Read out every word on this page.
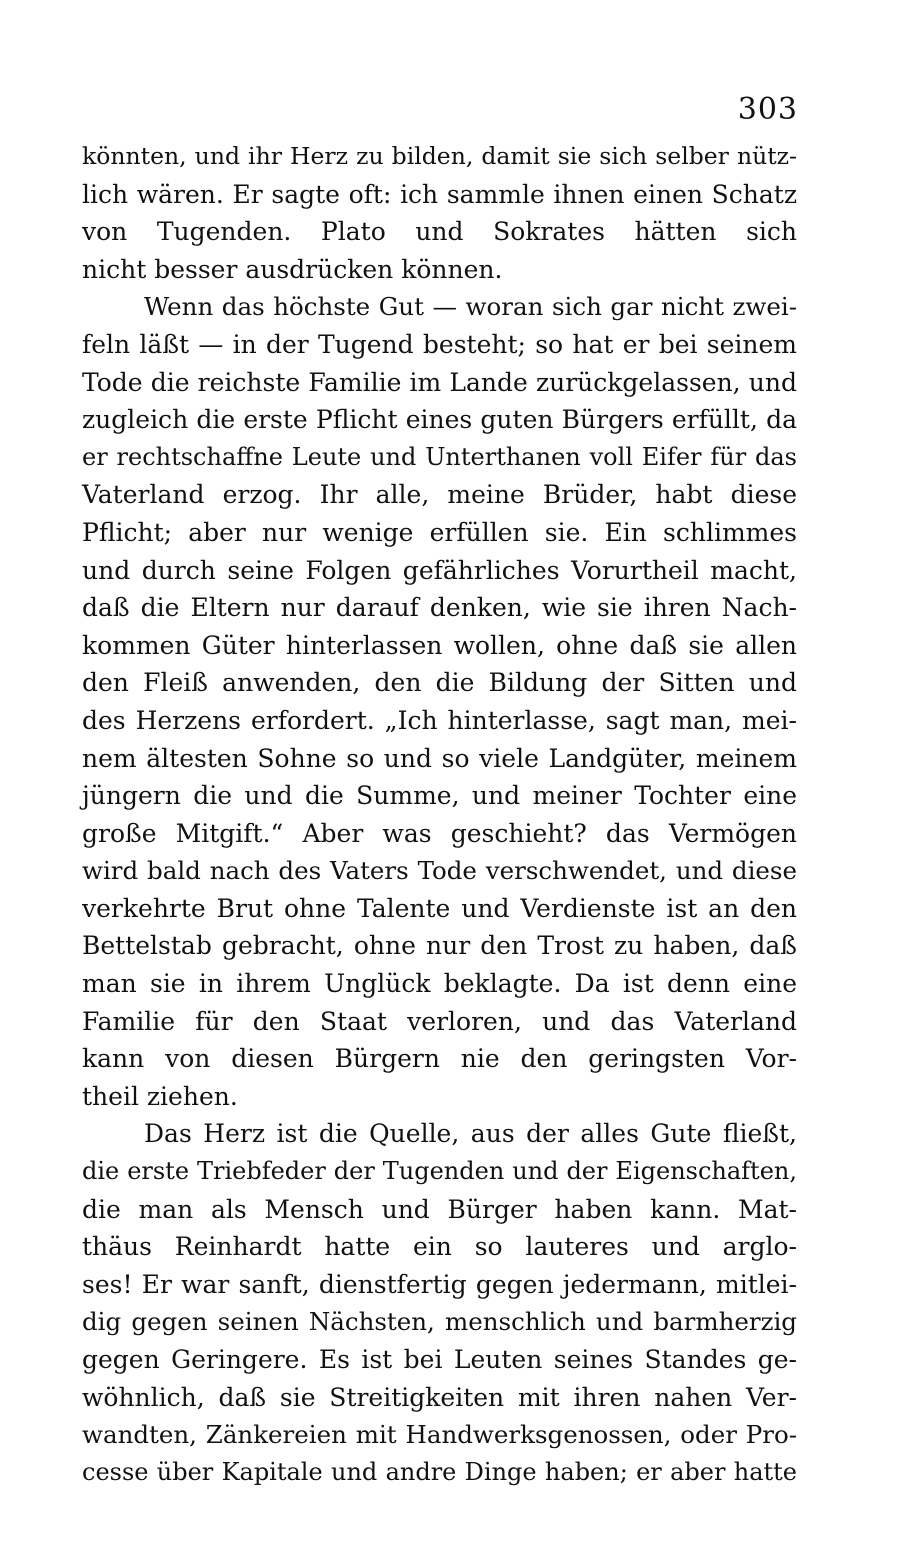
303
könnten, und ihr Herz zu bilden, damit sie sich selber nütz-
lich wären. Er sagte oft: ich sammle ihnen einen Schatz
von Tugenden. Plato und Sokrates hätten sich
nicht besser ausdrücken können.
Wenn das höchste Gut — woran sich gar nicht zwei-
feln läßt — in der Tugend besteht; so hat er bei seinem
Tode die reichste Familie im Lande zurückgelassen, und
zugleich die erste Pflicht eines guten Bürgers erfüllt, da
er rechtschaffne Leute und Unterthanen voll Eifer für das
Vaterland erzog. Ihr alle, meine Brüder, habt diese
Pflicht; aber nur wenige erfüllen sie. Ein schlimmes
und durch seine Folgen gefährliches Vorurtheil macht,
daß die Eltern nur darauf denken, wie sie ihren Nach-
kommen Güter hinterlassen wollen, ohne daß sie allen
den Fleiß anwenden, den die Bildung der Sitten und
des Herzens erfordert. „Ich hinterlasse, sagt man, mei-
nem ältesten Sohne so und so viele Landgüter, meinem
jüngern die und die Summe, und meiner Tochter eine
große Mitgift.“ Aber was geschieht? das Vermögen
wird bald nach des Vaters Tode verschwendet, und diese
verkehrte Brut ohne Talente und Verdienste ist an den
Bettelstab gebracht, ohne nur den Trost zu haben, daß
man sie in ihrem Unglück beklagte. Da ist denn eine
Familie für den Staat verloren, und das Vaterland
kann von diesen Bürgern nie den geringsten Vor-
theil ziehen.
Das Herz ist die Quelle, aus der alles Gute fließt,
die erste Triebfeder der Tugenden und der Eigenschaften,
die man als Mensch und Bürger haben kann. Mat-
thäus Reinhardt hatte ein so lauteres und arglo-
ses! Er war sanft, dienstfertig gegen jedermann, mitlei-
dig gegen seinen Nächsten, menschlich und barmherzig
gegen Geringere. Es ist bei Leuten seines Standes ge-
wöhnlich, daß sie Streitigkeiten mit ihren nahen Ver-
wandten, Zänkereien mit Handwerksgenossen, oder Pro-
cesse über Kapitale und andre Dinge haben; er aber hatte
